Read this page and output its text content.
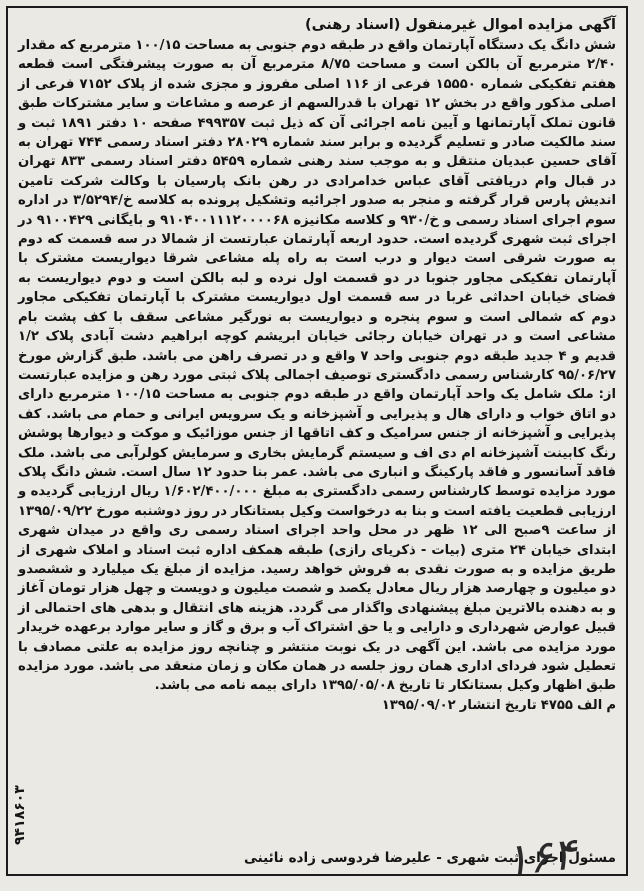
آگهی مزایده اموال غیرمنقول (اسناد رهنی)

شش دانگ یک دستگاه آپارتمان واقع در طبقه دوم جنوبی به مساحت ۱۰۰/۱۵ مترمربع که مقدار ۲/۴۰ مترمربع آن بالکن است و مساحت ۸/۷۵ مترمربع آن به صورت پیشرفتگی است قطعه هفتم تفکیکی شماره ۱۵۵۵۰ فرعی از ۱۱۶ اصلی مفروز و مجزی شده از پلاک ۷۱۵۲ فرعی از اصلی مذکور واقع در بخش ۱۲ تهران با قدرالسهم از عرصه و مشاعات و سایر مشترکات طبق قانون تملک آپارتمانها و آیین نامه اجرائی آن که ذیل ثبت ۴۹۹۳۵۷ صفحه ۱۰ دفتر ۱۸۹۱ ثبت و سند مالکیت صادر و تسلیم گردیده و برابر سند شماره ۲۸۰۲۹ دفتر اسناد رسمی ۷۴۴ تهران به آقای حسین عبدیان منتقل و به موجب سند رهنی شماره ۵۴۵۹ دفتر اسناد رسمی ۸۳۳ تهران در قبال وام دریافتی آقای عباس خدامرادی در رهن بانک پارسیان با وکالت شرکت تامین اندیش پارس قرار گرفته و منجر به صدور اجرائیه وتشکیل پرونده به کلاسه خ/۳/۵۲۹۴ در اداره سوم اجرای اسناد رسمی و خ/۹۳۰ و کلاسه مکانیزه ۹۱۰۴۰۰۱۱۱۲۰۰۰۰۶۸ و بایگانی ۹۱۰۰۴۲۹ در اجرای ثبت شهری گردیده است. حدود اربعه آپارتمان عبارتست از شمالا در سه قسمت که دوم به صورت شرقی است دیوار و درب است به راه پله مشاعی شرقا دیواریست مشترک با آپارتمان تفکیکی مجاور جنوبا در دو قسمت اول نرده و لبه بالکن است و دوم دیواریست به فضای خیابان احداثی غربا در سه قسمت اول دیواریست مشترک با آپارتمان تفکیکی مجاور دوم که شمالی است و سوم پنجره و دیواریست به نورگیر مشاعی سقف با کف پشت بام مشاعی است و در تهران خیابان رجائی خیابان ابریشم کوچه ابراهیم دشت آبادی پلاک ۱/۲ قدیم و ۴ جدید طبقه دوم جنوبی واحد ۷ واقع و در تصرف راهن می باشد. طبق گزارش مورخ ۹۵/۰۶/۲۷ کارشناس رسمی دادگستری توصیف اجمالی پلاک ثبتی مورد رهن و مزایده عبارتست از: ملک شامل یک واحد آپارتمان واقع در طبقه دوم جنوبی به مساحت ۱۰۰/۱۵ مترمربع دارای دو اتاق خواب و دارای هال و پذیرایی و آشپزخانه و یک سرویس ایرانی و حمام می باشد. کف پذیرایی و آشپزخانه از جنس سرامیک و کف اتاقها از جنس موزائیک و موکت و دیوارها پوشش رنگ کابینت آشپزخانه ام دی اف و سیستم گرمایش بخاری و سرمایش کولرآبی می باشد. ملک فاقد آسانسور و فاقد پارکینگ و انباری می باشد. عمر بنا حدود ۱۲ سال است. شش دانگ پلاک مورد مزایده توسط کارشناس رسمی دادگستری به مبلغ ۱/۶۰۲/۴۰۰/۰۰۰ ریال ارزیابی گردیده و ارزیابی قطعیت یافته است و بنا به درخواست وکیل بستانکار در روز دوشنبه مورخ ۱۳۹۵/۰۹/۲۲ از ساعت ۹صبح الی ۱۲ ظهر در محل واحد اجرای اسناد رسمی ری واقع در میدان شهری ابتدای خیابان ۲۴ متری (بیات - ذکریای رازی) طبقه همکف اداره ثبت اسناد و املاک شهری از طریق مزایده و به صورت نقدی به فروش خواهد رسید. مزایده از مبلغ یک میلیارد و ششصدو دو میلیون و چهارصد هزار ریال معادل یکصد و شصت میلیون و دویست و چهل هزار تومان آغاز و به دهنده بالاترین مبلغ پیشنهادی واگذار می گردد. هزینه های انتقال و بدهی های احتمالی از قبیل عوارض شهرداری و دارایی و یا حق اشتراک آب و برق و گاز و سایر موارد برعهده خریدار مورد مزایده می باشد. این آگهی در یک نوبت منتشر و چنانچه روز مزایده به علتی مصادف با تعطیل شود فردای اداری همان روز جلسه در همان مکان و زمان منعقد می باشد. مورد مزایده طبق اظهار وکیل بستانکار تا تاریخ ۱۳۹۵/۰۵/۰۸ دارای بیمه نامه می باشد.

م الف ۴۷۵۵ تاریخ انتشار ۱۳۹۵/۰۹/۰۲

مسئول اجرای ثبت شهری - علیرضا فردوسی زاده نائینی
۹۴۱۸۶۰۳
۱۶۴
